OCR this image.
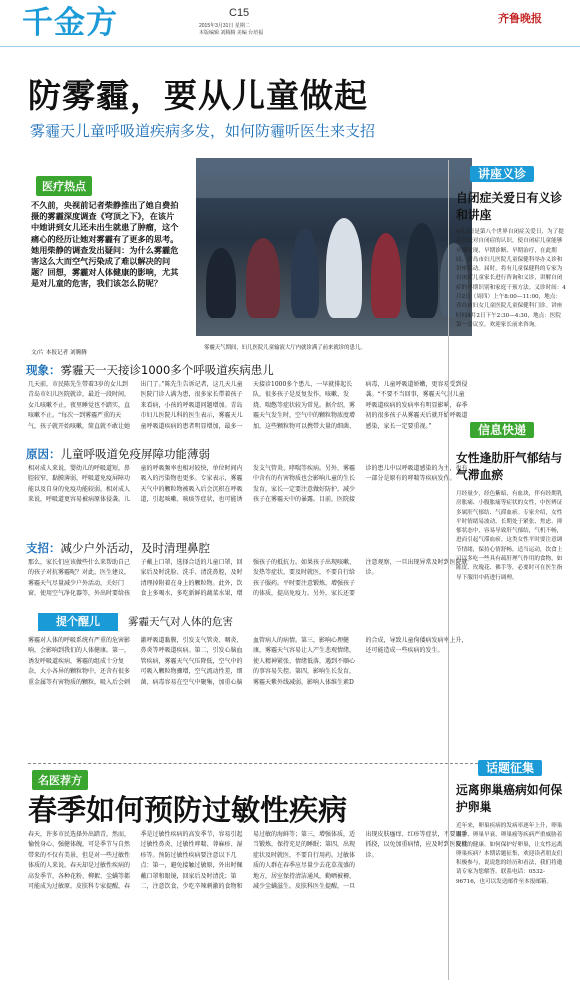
千金方	C15
2015年3月31日 星期二
本版编辑 刘腾腾 美编 台培福
齐鲁晚报
防雾霾，要从儿童做起
雾霾天儿童呼吸道疾病多发，如何防霾听医生来支招
医疗热点
不久前，央视前记者柴静推出了她自费拍摄的雾霾深度调查《穹顶之下》，在该片中她讲到女儿还未出生就患了肿瘤，这个痛心的经历让她对雾霾有了更多的思考。她用柴静的调查发出疑问：为什么雾霾危害这么大而空气污染成了难以解决的问题？回想，雾霾对人体健康的影响，尤其是对儿童的危害，我们该怎么防呢？
文/片 本报记者 刘腾腾
雾霾天气期间，妇儿医院儿童输液大厅内就诊满了前来就诊的患儿。
现象：雾霾天一天接诊1000多个呼吸道疾病患儿
几天前，市民陈先生带着3岁的女儿到青岛市妇儿医院就诊，最近一段时间，女儿咳嗽不止，夜里睡觉也不踏实，直咳嗽不止。“每次一到雾霾严重的天气，孩子就开始咳嗽，简直就不敢让她出门了。”陈先生告诉记者，这几天儿童医院门诊人满为患，很多家长带着孩子来看病，小孩的呼吸道问题增加。青岛市妇儿医院儿科的医生表示，雾霾天儿童呼吸道疾病的患者明显增加，最多一天接诊1000多个患儿，一早就排起长队，很多孩子是反复发作，咳嗽、发烧、喘憋等症状较为常见。据介绍，雾霾天气发生时，空气中的颗粒物浓度增加，这些颗粒物可以携带大量的细菌、病毒，儿童呼吸道娇嫩，更容易受到侵袭。“不要不当回事，雾霾天气对儿童呼吸道疾病的发病率有明显影响，春季初的很多孩子从雾霾天后就开始呼吸道感染，家长一定要重视。”
原因：儿童呼吸道免疫屏障功能薄弱
相对成人来说，婴幼儿的呼吸道短，鼻腔较窄，黏膜薄弱，呼吸道免疫屏障功能以及自身的免疫功能较弱，相对成人来说，呼吸道更容易被病原体侵袭。儿童的呼吸频率也相对较快，单位时间内吸入的污染物也更多。专家表示，雾霾天气中的颗粒物被吸入后会沉积在呼吸道，引起咳嗽、咳痰等症状，也可能诱发支气管炎、哮喘等疾病。另外，雾霾中含有的有害物质也会影响儿童的生长发育，家长一定要注意做好防护，减少孩子在雾霾天中的暴露。目前，医院接诊的患儿中以呼吸道感染的为主，也有一部分是原有的哮喘等疾病发作。
支招：减少户外活动，及时清理鼻腔
那么，家长们应该做些什么来帮助自己的孩子对抗雾霾呢？对此，医生建议，雾霾天气尽量减少户外活动，关好门窗，使用空气净化器等，外出时要给孩子戴上口罩，选择合适的儿童口罩，回家后及时洗脸、洗手、清洗鼻腔，及时清理掉附着在身上的颗粒物。此外，饮食上多喝水，多吃新鲜的蔬菜水果，增强孩子的抵抗力。如果孩子出现咳嗽、发热等症状，要及时就医，不要自行给孩子服药。平时要注意锻炼，增强孩子的体质，提高免疫力。另外，家长还要注意观察，一旦出现异常及时到医院就诊。
提个醒儿	雾霾天气对人体的危害
雾霾对人体的呼吸系统有严重的危害影响，会影响到我们的人体健康。第一，诱发呼吸道疾病，雾霾的组成十分复杂，大小各异的颗粒物中，还含有很多重金属等有害物质的颗粒，吸入后会刺激呼吸道黏膜，引发支气管炎、咽炎、鼻炎等呼吸道疾病。第二，引发心脑血管疾病，雾霾天气气压降低，空气中的可吸入颗粒物骤增，空气流动性差，细菌、病毒容易在空气中聚集，加重心脑血管病人的病情。第三，影响心理健康，雾霾天气容易让人产生悲观情绪，使人精神紧张、情绪低落，遇到不顺心的事容易失控。第四，影响生长发育，雾霾天紫外线减弱，影响人体维生素D的合成，导致儿童佝偻病发病率上升，还可能造成一些疾病的发生。
名医荐方
春季如何预防过敏性疾病
春天，许多市民选择外出踏青，然而，愉悦身心、强健体魄，可是季节与自然带来的不仅有美景，但是对一些过敏性体质的人来说，春天却是过敏性疾病的高发季节，各种花粉、柳絮、尘螨等都可能成为过敏原。皮肤科专家提醒，春季是过敏性疾病的高发季节，容易引起过敏性鼻炎、过敏性哮喘、荨麻疹、湿疹等。预防过敏性疾病要注意以下几点：第一，避免接触过敏原，外出时佩戴口罩和眼镜，回家后及时清洗；第二，注意饮食，少吃辛辣刺激的食物和易过敏的海鲜等；第三，增强体质，适当锻炼，保持充足的睡眠；第四，出现症状及时就医，不要自行用药。过敏体质的人群在春季应尽量少去花草茂盛的地方，居室保持清洁通风，勤晒被褥，减少尘螨滋生。皮肤科医生提醒，一旦出现皮肤瘙痒、红疹等症状，不要用手抓挠，以免加重病情，应及时到医院就诊。
讲座义诊
自闭症关爱日有义诊和讲座
4月2日是第八个世界自闭症关爱日，为了提高公众对自闭症的认识，使自闭症儿童能够早期发现、早期诊断、早期治疗，在此期间，青岛市妇儿医院儿童保健科举办义诊和讲座活动。届时，将有儿童保健科的专家为自闭症儿童家长进行咨询和义诊，讲解自闭症的早期识别和家庭干预方法。义诊时间：4月2日（周四）上午8:00—11:00，地点：青岛市妇女儿童医院儿童保健科门诊。讲座时间4月2日下午2:30—4:30，地点：医院第一会议室。欢迎家长前来咨询。
信息快递
女性逢肋肝气郁结与气滞血瘀
月经量少，经色紫暗，有血块，伴有经期乳房胀痛、小腹胀痛等症状的女性，中医辨证多属肝气郁结、气滞血瘀。专家介绍，女性平时情绪易波动，长期处于紧张、焦虑、抑郁状态中，容易导致肝气郁结，气机不畅，进而引起气滞血瘀。这类女性平时要注意调节情绪，保持心情舒畅，适当运动，饮食上可以多吃一些具有疏肝理气作用的食物，如陈皮、玫瑰花、佛手等，必要时可在医生指导下服用中药进行调理。
话题征集
远离卵巢癌病如何保护卵巢
近年来，卵巢疾病的发病率逐年上升，卵巢囊肿、卵巢早衰、卵巢癌等疾病严重威胁着女性的健康。如何保护好卵巢，让女性远离卵巢疾病？本期话题征集，欢迎读者朋友们积极参与，说说您的经历和看法，我们将邀请专家为您解答。联系电话：0532-96716，也可以发送邮件至本报邮箱。
